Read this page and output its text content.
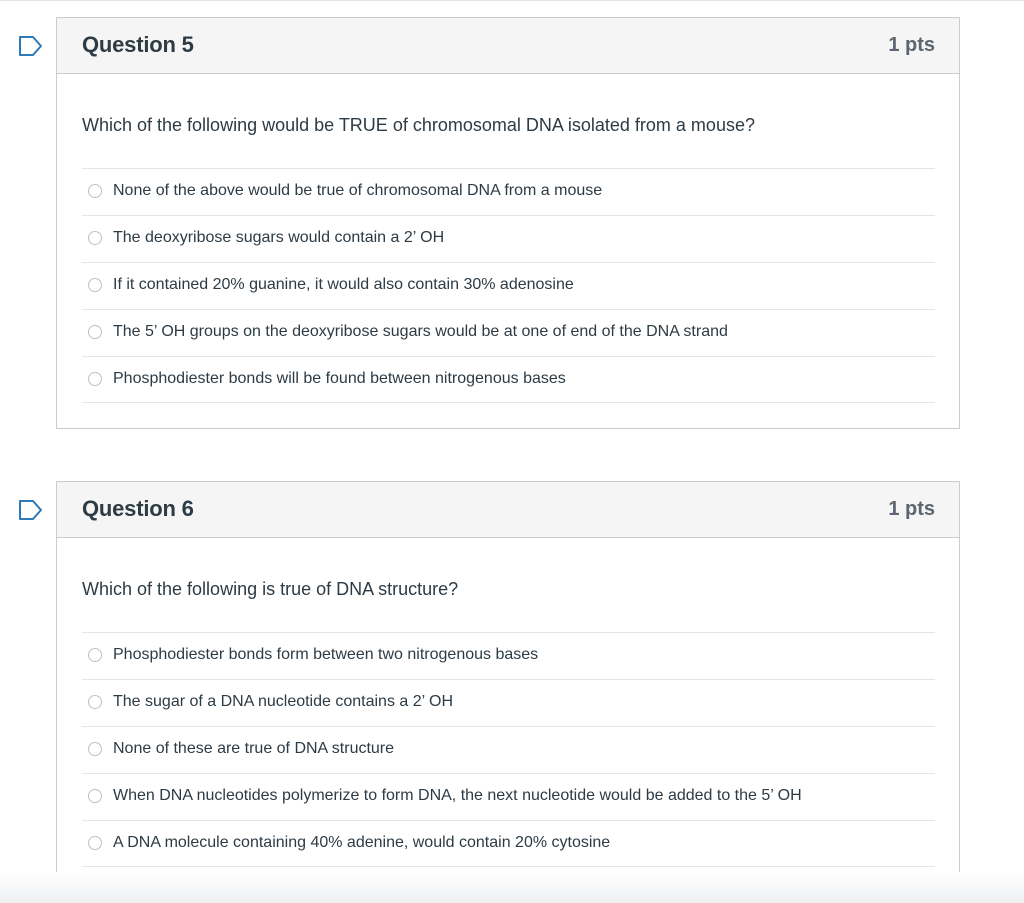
Question 5	1 pts
Which of the following would be TRUE of chromosomal DNA isolated from a mouse?
None of the above would be true of chromosomal DNA from a mouse
The deoxyribose sugars would contain a 2’ OH
If it contained 20% guanine, it would also contain 30% adenosine
The 5’ OH groups on the deoxyribose sugars would be at one of end of the DNA strand
Phosphodiester bonds will be found between nitrogenous bases
Question 6	1 pts
Which of the following is true of DNA structure?
Phosphodiester bonds form between two nitrogenous bases
The sugar of a DNA nucleotide contains a 2’ OH
None of these are true of DNA structure
When DNA nucleotides polymerize to form DNA, the next nucleotide would be added to the 5’ OH
A DNA molecule containing 40% adenine, would contain 20% cytosine
